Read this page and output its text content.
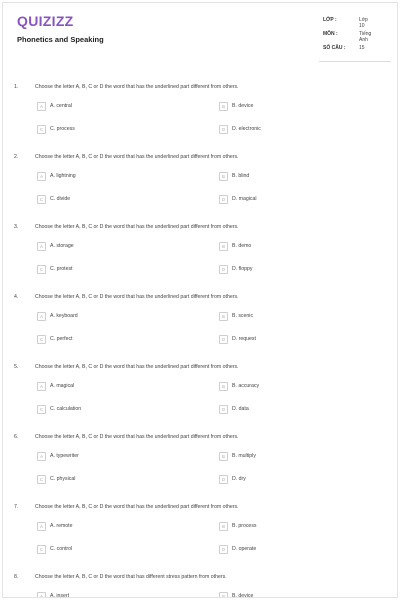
QUIZIZZ
Phonetics and Speaking
LỚP :	Lớp 10
MÔN :	Tiếng Anh
SỐ CÂU :	15
1.	Choose the letter A, B, C or D the word that has the underlined part different from others.
A	A. central	B	B. device
C	C. process	D	D. electronic
2.	Choose the letter A, B, C or D the word that has the underlined part different from others.
A	A. lightning	B	B. blind
C	C. divide	D	D. magical
3.	Choose the letter A, B, C or D the word that has the underlined part different from others.
A	A. storage	B	B. demo
C	C. protest	D	D. floppy
4.	Choose the letter A, B, C or D the word that has the underlined part different from others.
A	A. keyboard	B	B. scenic
C	C. perfect	D	D. request
5.	Choose the letter A, B, C or D the word that has the underlined part different from others.
A	A. magical	B	B. accuracy
C	C. calculation	D	D. data
6.	Choose the letter A, B, C or D the word that has the underlined part different from others.
A	A. typewriter	B	B. multiply
C	C. physical	D	D. dry
7.	Choose the letter A, B, C or D the word that has the underlined part different from others.
A	A. remote	B	B. process
C	C. control	D	D. operate
8.	Choose the letter A, B, C or D the word that has different stress pattern from others.
A	A. insert	B	B. device
